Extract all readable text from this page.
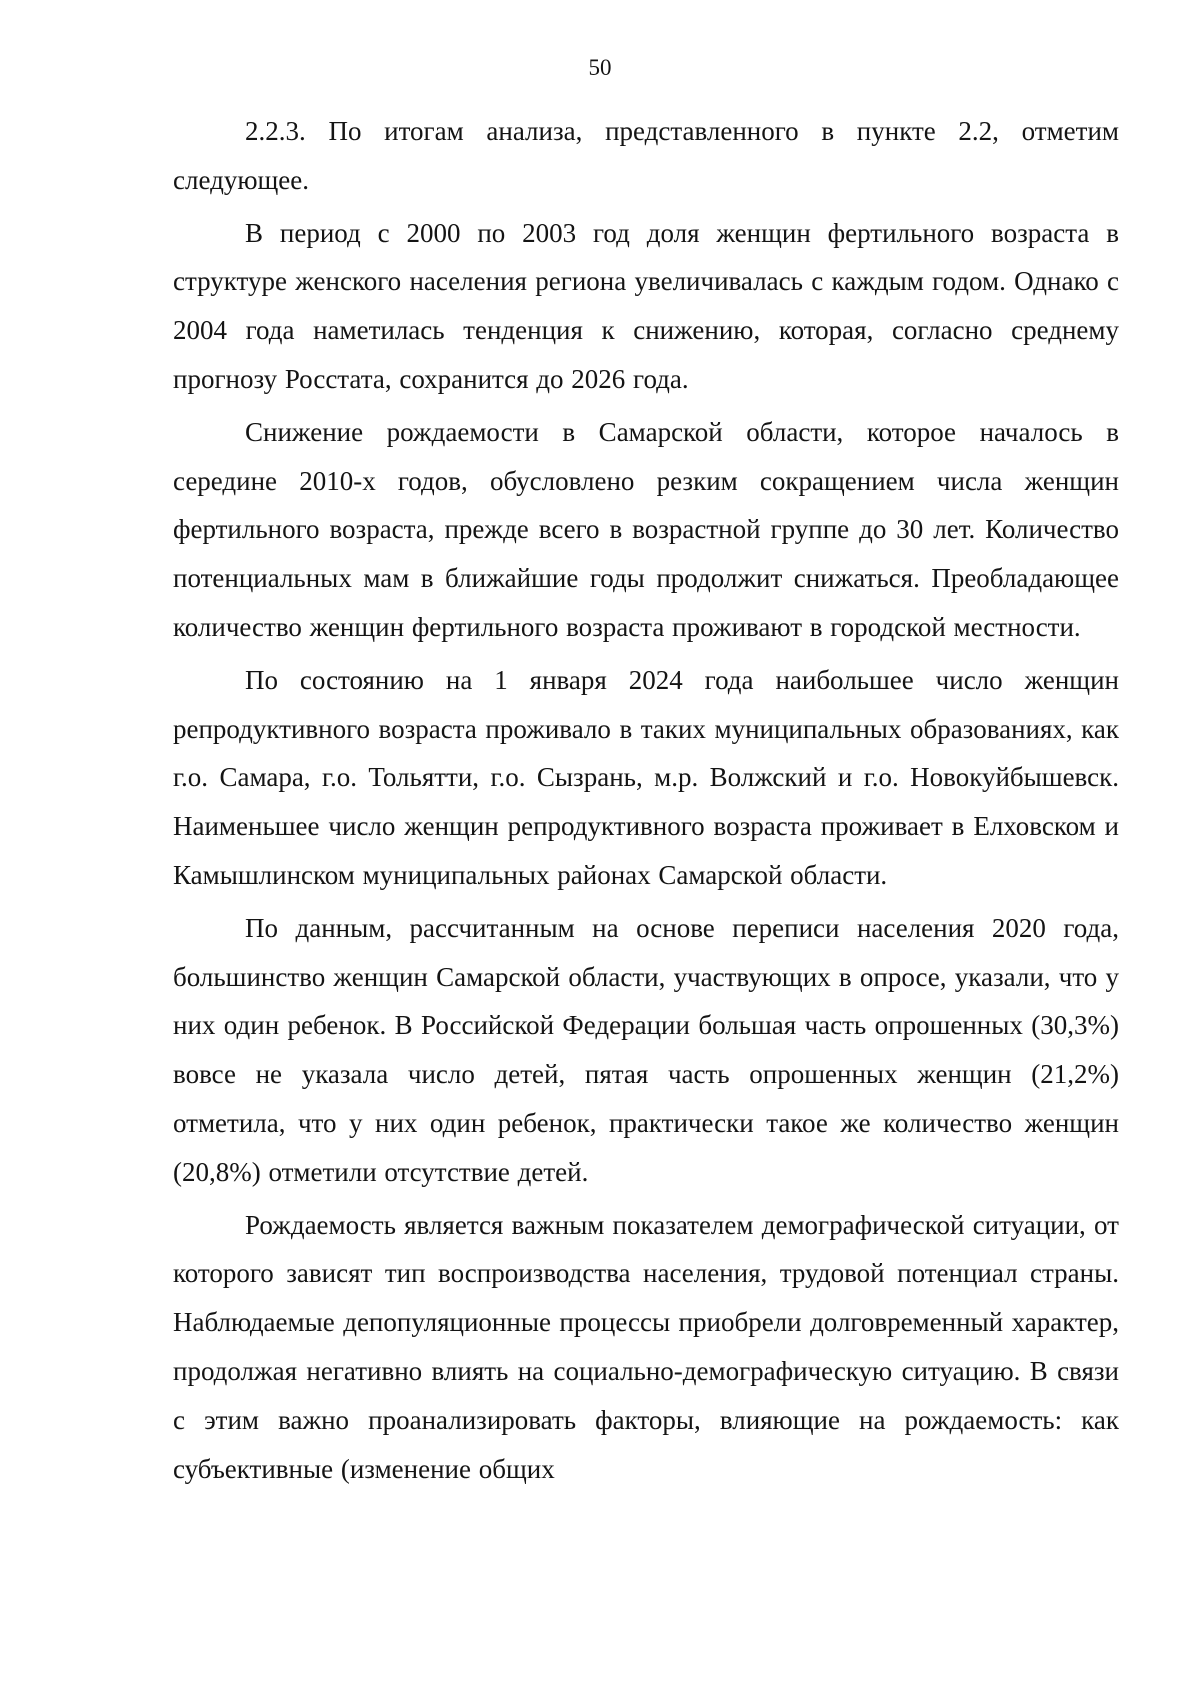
50

2.2.3. По итогам анализа, представленного в пункте 2.2, отметим следующее.

В период с 2000 по 2003 год доля женщин фертильного возраста в структуре женского населения региона увеличивалась с каждым годом. Однако с 2004 года наметилась тенденция к снижению, которая, согласно среднему прогнозу Росстата, сохранится до 2026 года.

Снижение рождаемости в Самарской области, которое началось в середине 2010-х годов, обусловлено резким сокращением числа женщин фертильного возраста, прежде всего в возрастной группе до 30 лет. Количество потенциальных мам в ближайшие годы продолжит снижаться. Преобладающее количество женщин фертильного возраста проживают в городской местности.

По состоянию на 1 января 2024 года наибольшее число женщин репродуктивного возраста проживало в таких муниципальных образованиях, как г.о. Самара, г.о. Тольятти, г.о. Сызрань, м.р. Волжский и г.о. Новокуйбышевск. Наименьшее число женщин репродуктивного возраста проживает в Елховском и Камышлинском муниципальных районах Самарской области.

По данным, рассчитанным на основе переписи населения 2020 года, большинство женщин Самарской области, участвующих в опросе, указали, что у них один ребенок. В Российской Федерации большая часть опрошенных (30,3%) вовсе не указала число детей, пятая часть опрошенных женщин (21,2%) отметила, что у них один ребенок, практически такое же количество женщин (20,8%) отметили отсутствие детей.

Рождаемость является важным показателем демографической ситуации, от которого зависят тип воспроизводства населения, трудовой потенциал страны. Наблюдаемые депопуляционные процессы приобрели долговременный характер, продолжая негативно влиять на социально-демографическую ситуацию. В связи с этим важно проанализировать факторы, влияющие на рождаемость: как субъективные (изменение общих
